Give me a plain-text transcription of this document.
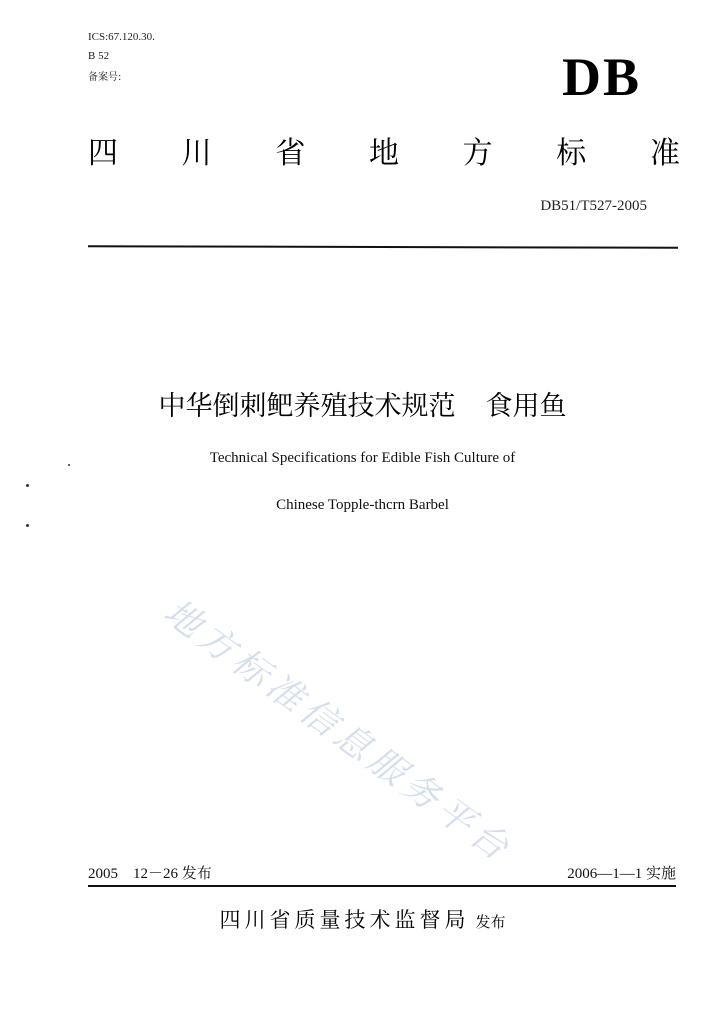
ICS:67.120.30.
B 52
备案号:	DB
四 川 省 地 方 标 准
DB51/T527-2005
中华倒刺鲃养殖技术规范 食用鱼
Technical Specifications for Edible Fish Culture of
Chinese Topple-thcrn Barbel
地方标准信息服务平台
2005　12－26 发布	2006—1—1 实施
四川省质量技术监督局 发布
